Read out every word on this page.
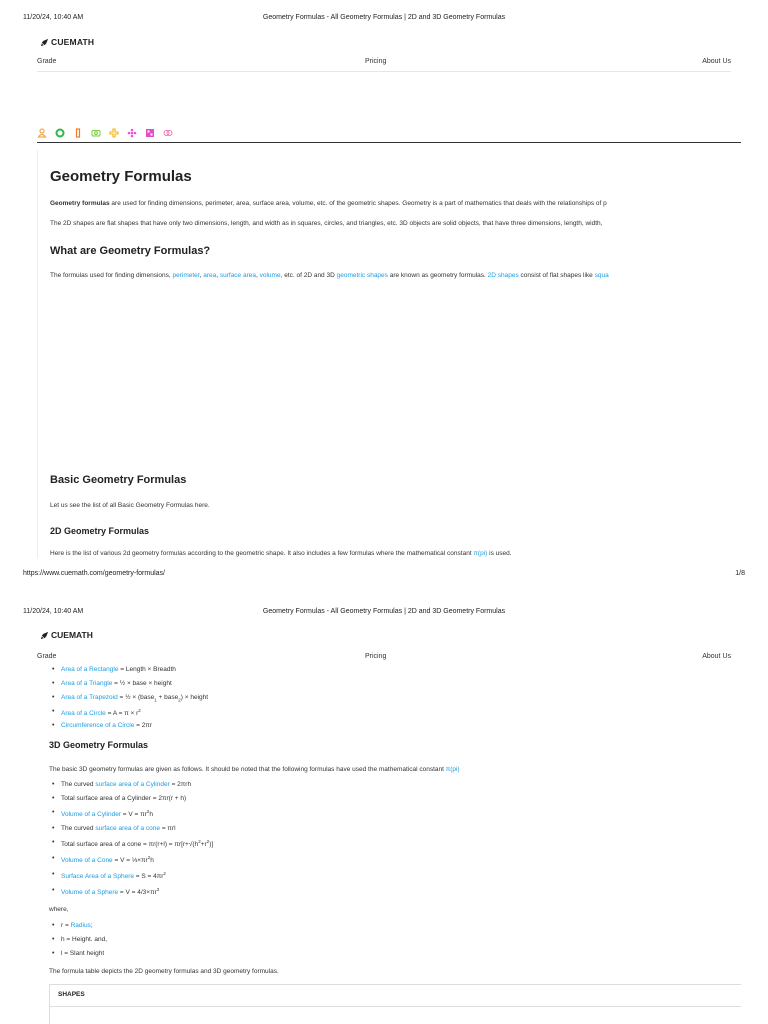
11/20/24, 10:40 AM	Geometry Formulas - All Geometry Formulas | 2D and 3D Geometry Formulas
CUEMATH
Grade	Pricing	About Us
Geometry Formulas
Geometry formulas are used for finding dimensions, perimeter, area, surface area, volume, etc. of the geometric shapes. Geometry is a part of mathematics that deals with the relationships of p
The 2D shapes are flat shapes that have only two dimensions, length, and width as in squares, circles, and triangles, etc. 3D objects are solid objects, that have three dimensions, length, width,
What are Geometry Formulas?
The formulas used for finding dimensions, perimeter, area, surface area, volume, etc. of 2D and 3D geometric shapes are known as geometry formulas. 2D shapes consist of flat shapes like squa
Basic Geometry Formulas
Let us see the list of all Basic Geometry Formulas here.
2D Geometry Formulas
Here is the list of various 2d geometry formulas according to the geometric shape. It also includes a few formulas where the mathematical constant π(pi) is used.
https://www.cuemath.com/geometry-formulas/	1/8
11/20/24, 10:40 AM	Geometry Formulas - All Geometry Formulas | 2D and 3D Geometry Formulas
CUEMATH
Grade	Pricing	About Us
• Area of a Rectangle = Length × Breadth
• Area of a Triangle = ½ × base × height
• Area of a Trapezoid = ½ × (base$_1$ + base$_2$) × height
• Area of a Circle = $A = \pi \times r^2$
• Circumference of a Circle = 2πr
3D Geometry Formulas
The basic 3D geometry formulas are given as follows. It should be noted that the following formulas have used the mathematical constant π(pi)
• The curved surface area of a Cylinder = 2πrh
• Total surface area of a Cylinder = 2πr(r + h)
• Volume of a Cylinder = $V = \pi r^2h$
• The curved surface area of a cone = πrl
• Total surface area of a cone = $\pi r(r+l) = \pi r[r+√(h^2+r^2)]$
• Volume of a Cone = $V = \frac{1}{3}\times\pi r^2h$
• Surface Area of a Sphere = $S = 4\pi r^2$
• Volume of a Sphere = $V = 4/3\times\pi r^3$
where,
• r = Radius;
• h = Height. and,
• l = Slant height
The formula table depicts the 2D geometry formulas and 3D geometry formulas.
SHAPES
